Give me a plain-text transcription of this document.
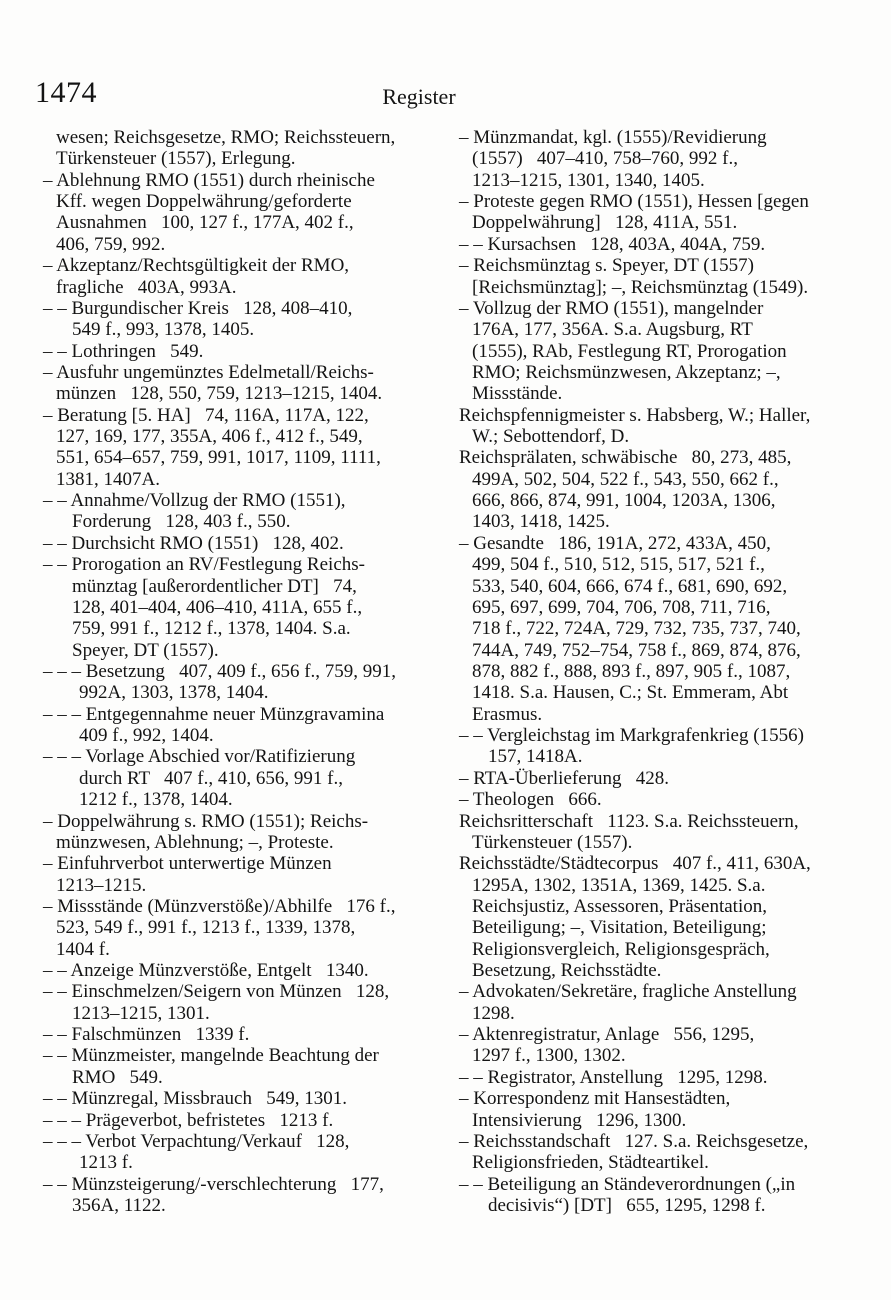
1474	Register
wesen; Reichsgesetze, RMO; Reichssteuern,
Türkensteuer (1557), Erlegung.
– Ablehnung RMO (1551) durch rheinische
Kff. wegen Doppelwährung/geforderte
Ausnahmen   100, 127 f., 177A, 402 f.,
406, 759, 992.
– Akzeptanz/Rechtsgültigkeit der RMO,
fragliche   403A, 993A.
– – Burgundischer Kreis   128, 408–410,
549 f., 993, 1378, 1405.
– – Lothringen   549.
– Ausfuhr ungemünztes Edelmetall/Reichs-
münzen   128, 550, 759, 1213–1215, 1404.
– Beratung [5. HA]   74, 116A, 117A, 122,
127, 169, 177, 355A, 406 f., 412 f., 549,
551, 654–657, 759, 991, 1017, 1109, 1111,
1381, 1407A.
– – Annahme/Vollzug der RMO (1551),
Forderung   128, 403 f., 550.
– – Durchsicht RMO (1551)   128, 402.
– – Prorogation an RV/Festlegung Reichs-
münztag [außerordentlicher DT]   74,
128, 401–404, 406–410, 411A, 655 f.,
759, 991 f., 1212 f., 1378, 1404. S.a.
Speyer, DT (1557).
– – – Besetzung   407, 409 f., 656 f., 759, 991,
992A, 1303, 1378, 1404.
– – – Entgegennahme neuer Münzgravamina
409 f., 992, 1404.
– – – Vorlage Abschied vor/Ratifizierung
durch RT   407 f., 410, 656, 991 f.,
1212 f., 1378, 1404.
– Doppelwährung s. RMO (1551); Reichs-
münzwesen, Ablehnung; –, Proteste.
– Einfuhrverbot unterwertige Münzen
1213–1215.
– Missstände (Münzverstöße)/Abhilfe   176 f.,
523, 549 f., 991 f., 1213 f., 1339, 1378,
1404 f.
– – Anzeige Münzverstöße, Entgelt   1340.
– – Einschmelzen/Seigern von Münzen   128,
1213–1215, 1301.
– – Falschmünzen   1339 f.
– – Münzmeister, mangelnde Beachtung der
RMO   549.
– – Münzregal, Missbrauch   549, 1301.
– – – Prägeverbot, befristetes   1213 f.
– – – Verbot Verpachtung/Verkauf   128,
1213 f.
– – Münzsteigerung/-verschlechterung   177,
356A, 1122.
– Münzmandat, kgl. (1555)/Revidierung
(1557)   407–410, 758–760, 992 f.,
1213–1215, 1301, 1340, 1405.
– Proteste gegen RMO (1551), Hessen [gegen
Doppelwährung]   128, 411A, 551.
– – Kursachsen   128, 403A, 404A, 759.
– Reichsmünztag s. Speyer, DT (1557)
[Reichsmünztag]; –, Reichsmünztag (1549).
– Vollzug der RMO (1551), mangelnder
176A, 177, 356A. S.a. Augsburg, RT
(1555), RAb, Festlegung RT, Prorogation
RMO; Reichsmünzwesen, Akzeptanz; –,
Missstände.
Reichspfennigmeister s. Habsberg, W.; Haller,
W.; Sebottendorf, D.
Reichsprälaten, schwäbische   80, 273, 485,
499A, 502, 504, 522 f., 543, 550, 662 f.,
666, 866, 874, 991, 1004, 1203A, 1306,
1403, 1418, 1425.
– Gesandte   186, 191A, 272, 433A, 450,
499, 504 f., 510, 512, 515, 517, 521 f.,
533, 540, 604, 666, 674 f., 681, 690, 692,
695, 697, 699, 704, 706, 708, 711, 716,
718 f., 722, 724A, 729, 732, 735, 737, 740,
744A, 749, 752–754, 758 f., 869, 874, 876,
878, 882 f., 888, 893 f., 897, 905 f., 1087,
1418. S.a. Hausen, C.; St. Emmeram, Abt
Erasmus.
– – Vergleichstag im Markgrafenkrieg (1556)
157, 1418A.
– RTA-Überlieferung   428.
– Theologen   666.
Reichsritterschaft   1123. S.a. Reichssteuern,
Türkensteuer (1557).
Reichsstädte/Städtecorpus   407 f., 411, 630A,
1295A, 1302, 1351A, 1369, 1425. S.a.
Reichsjustiz, Assessoren, Präsentation,
Beteiligung; –, Visitation, Beteiligung;
Religionsvergleich, Religionsgespräch,
Besetzung, Reichsstädte.
– Advokaten/Sekretäre, fragliche Anstellung
1298.
– Aktenregistratur, Anlage   556, 1295,
1297 f., 1300, 1302.
– – Registrator, Anstellung   1295, 1298.
– Korrespondenz mit Hansestädten,
Intensivierung   1296, 1300.
– Reichsstandschaft   127. S.a. Reichsgesetze,
Religionsfrieden, Städteartikel.
– – Beteiligung an Ständeverordnungen („in
decisivis“) [DT]   655, 1295, 1298 f.
